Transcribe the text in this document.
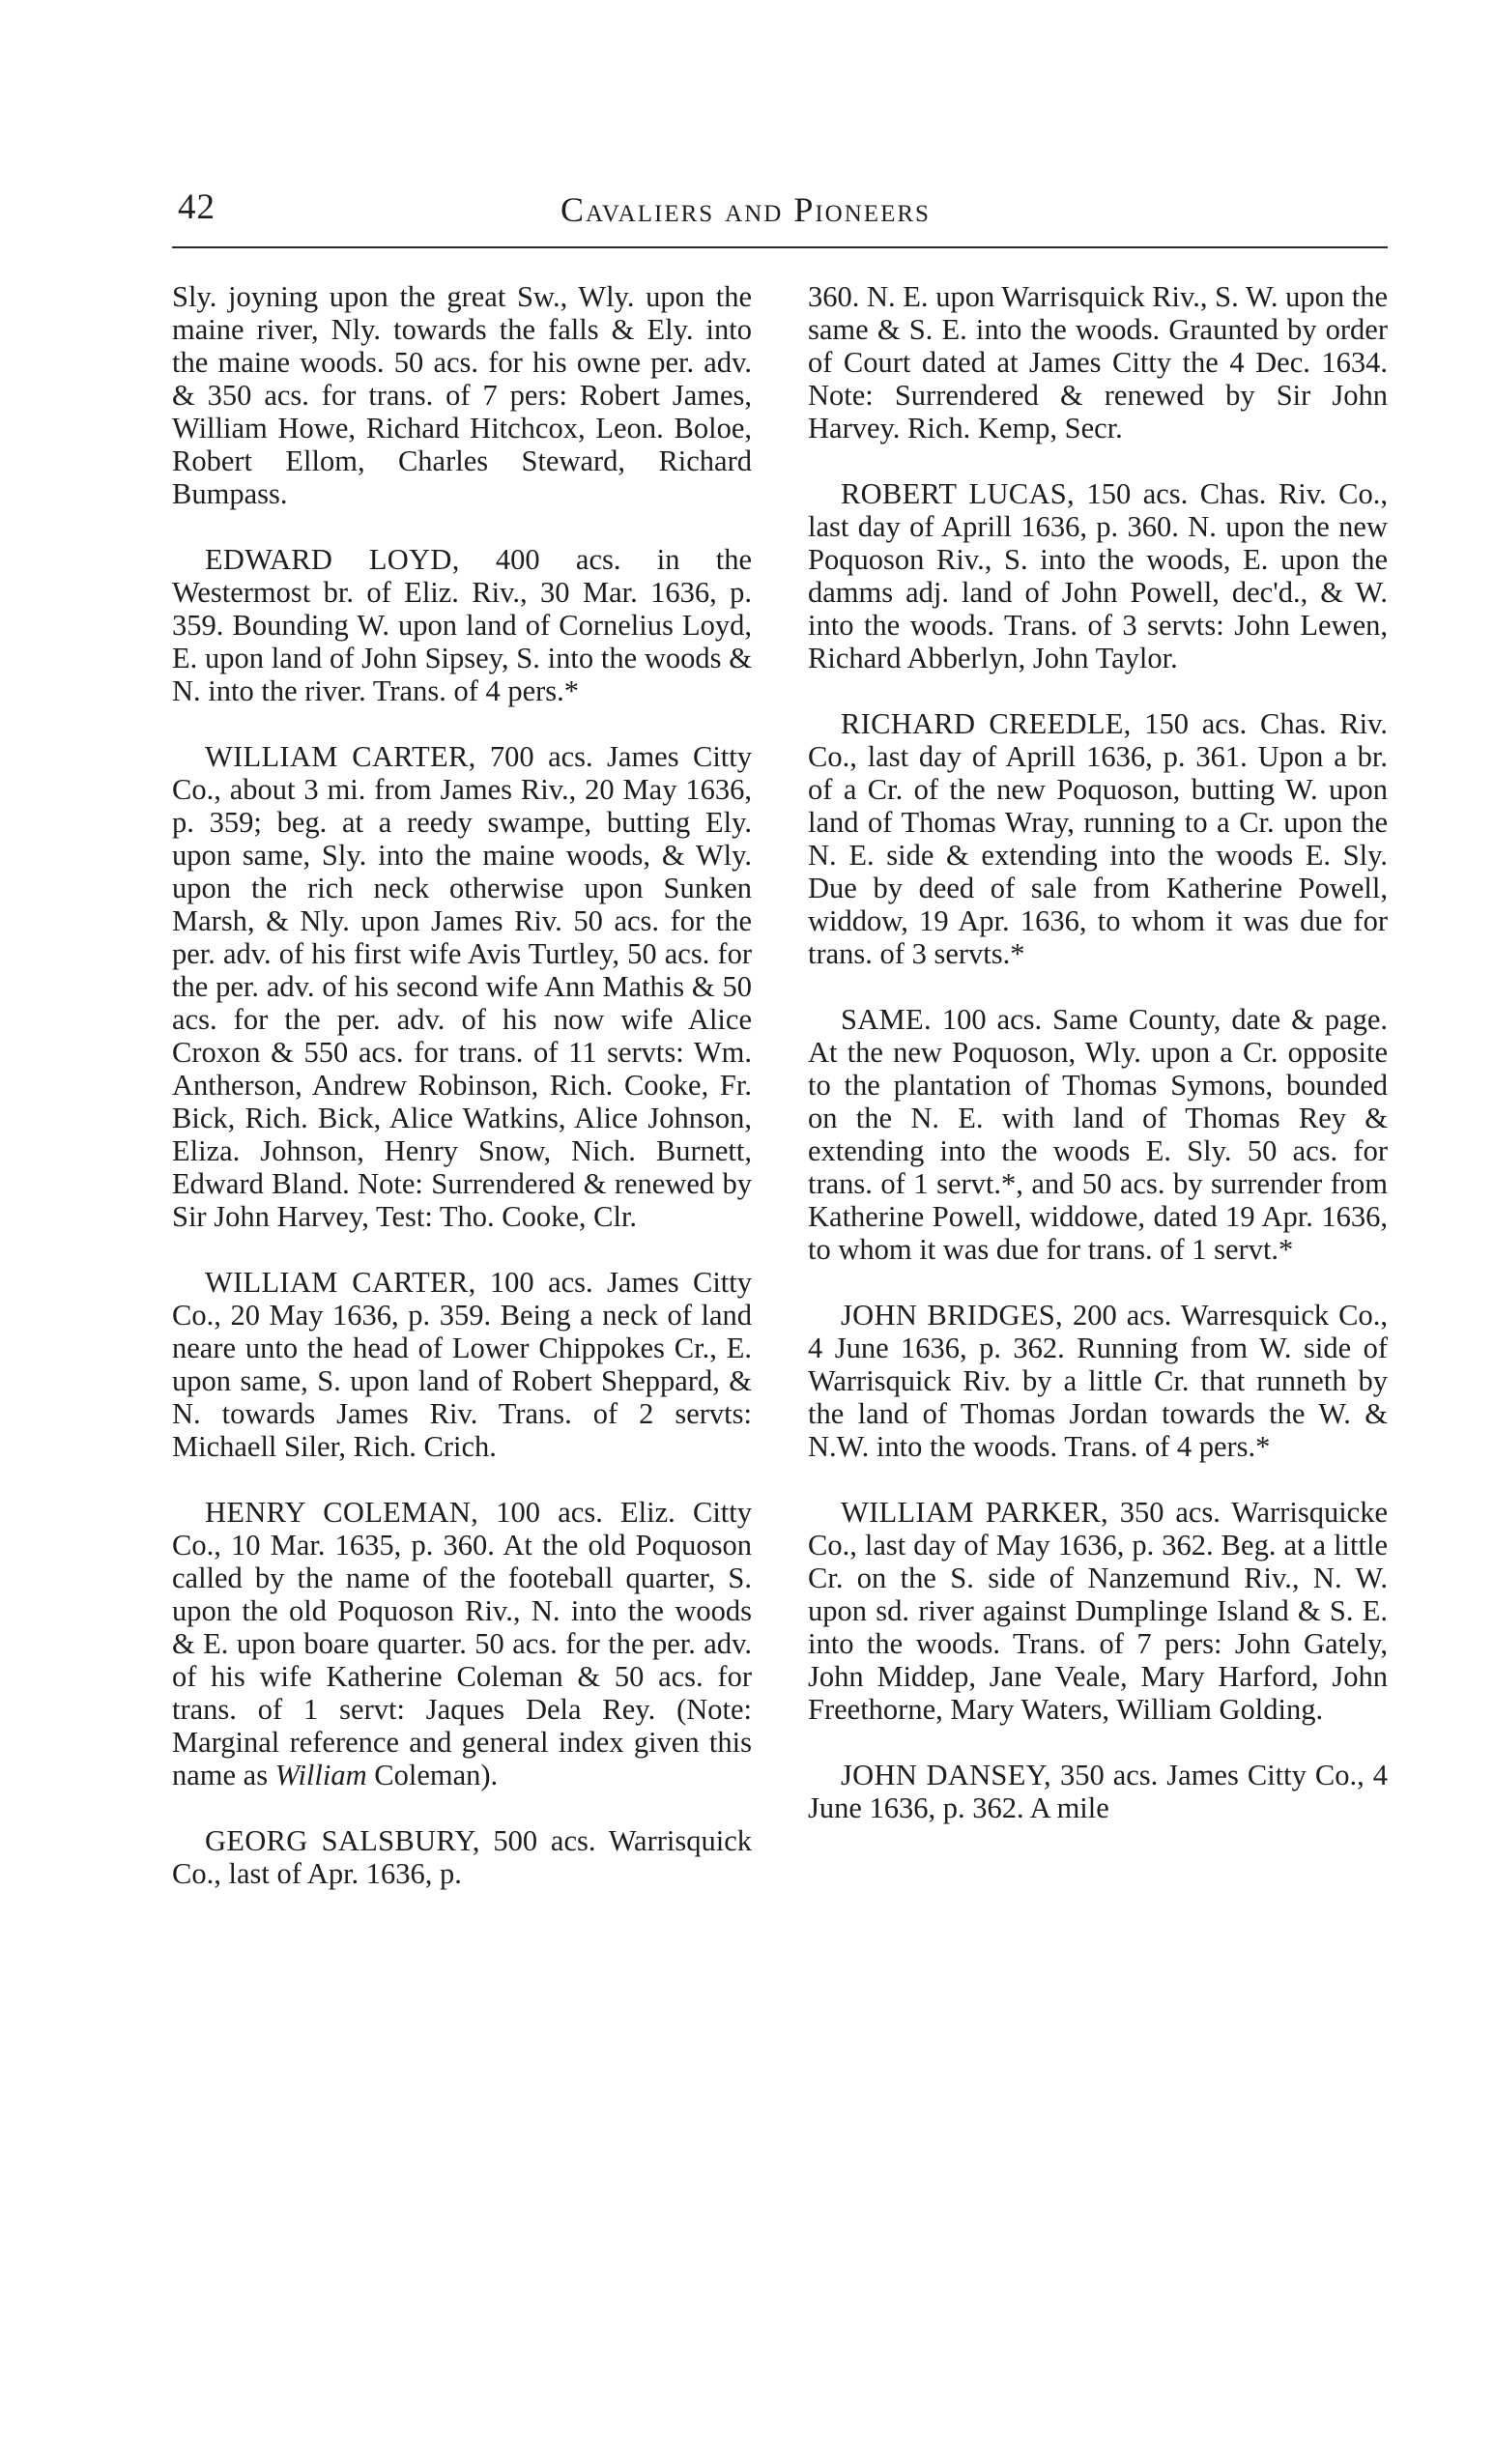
42	Cavaliers and Pioneers

Sly. joyning upon the great Sw., Wly. upon the maine river, Nly. towards the falls & Ely. into the maine woods. 50 acs. for his owne per. adv. & 350 acs. for trans. of 7 pers: Robert James, William Howe, Richard Hitchcox, Leon. Boloe, Robert Ellom, Charles Steward, Richard Bumpass.

EDWARD LOYD, 400 acs. in the Westermost br. of Eliz. Riv., 30 Mar. 1636, p. 359. Bounding W. upon land of Cornelius Loyd, E. upon land of John Sipsey, S. into the woods & N. into the river. Trans. of 4 pers.*

WILLIAM CARTER, 700 acs. James Citty Co., about 3 mi. from James Riv., 20 May 1636, p. 359; beg. at a reedy swampe, butting Ely. upon same, Sly. into the maine woods, & Wly. upon the rich neck otherwise upon Sunken Marsh, & Nly. upon James Riv. 50 acs. for the per. adv. of his first wife Avis Turtley, 50 acs. for the per. adv. of his second wife Ann Mathis & 50 acs. for the per. adv. of his now wife Alice Croxon & 550 acs. for trans. of 11 servts: Wm. Antherson, Andrew Robinson, Rich. Cooke, Fr. Bick, Rich. Bick, Alice Watkins, Alice Johnson, Eliza. Johnson, Henry Snow, Nich. Burnett, Edward Bland. Note: Surrendered & renewed by Sir John Harvey, Test: Tho. Cooke, Clr.

WILLIAM CARTER, 100 acs. James Citty Co., 20 May 1636, p. 359. Being a neck of land neare unto the head of Lower Chippokes Cr., E. upon same, S. upon land of Robert Sheppard, & N. towards James Riv. Trans. of 2 servts: Michaell Siler, Rich. Crich.

HENRY COLEMAN, 100 acs. Eliz. Citty Co., 10 Mar. 1635, p. 360. At the old Poquoson called by the name of the footeball quarter, S. upon the old Poquoson Riv., N. into the woods & E. upon boare quarter. 50 acs. for the per. adv. of his wife Katherine Coleman & 50 acs. for trans. of 1 servt: Jaques Dela Rey. (Note: Marginal reference and general index given this name as William Coleman).

GEORG SALSBURY, 500 acs. Warrisquick Co., last of Apr. 1636, p.

360. N. E. upon Warrisquick Riv., S. W. upon the same & S. E. into the woods. Graunted by order of Court dated at James Citty the 4 Dec. 1634. Note: Surrendered & renewed by Sir John Harvey. Rich. Kemp, Secr.

ROBERT LUCAS, 150 acs. Chas. Riv. Co., last day of Aprill 1636, p. 360. N. upon the new Poquoson Riv., S. into the woods, E. upon the damms adj. land of John Powell, dec'd., & W. into the woods. Trans. of 3 servts: John Lewen, Richard Abberlyn, John Taylor.

RICHARD CREEDLE, 150 acs. Chas. Riv. Co., last day of Aprill 1636, p. 361. Upon a br. of a Cr. of the new Poquoson, butting W. upon land of Thomas Wray, running to a Cr. upon the N. E. side & extending into the woods E. Sly. Due by deed of sale from Katherine Powell, widdow, 19 Apr. 1636, to whom it was due for trans. of 3 servts.*

SAME. 100 acs. Same County, date & page. At the new Poquoson, Wly. upon a Cr. opposite to the plantation of Thomas Symons, bounded on the N. E. with land of Thomas Rey & extending into the woods E. Sly. 50 acs. for trans. of 1 servt.*, and 50 acs. by surrender from Katherine Powell, widdowe, dated 19 Apr. 1636, to whom it was due for trans. of 1 servt.*

JOHN BRIDGES, 200 acs. Warresquick Co., 4 June 1636, p. 362. Running from W. side of Warrisquick Riv. by a little Cr. that runneth by the land of Thomas Jordan towards the W. & N.W. into the woods. Trans. of 4 pers.*

WILLIAM PARKER, 350 acs. Warrisquicke Co., last day of May 1636, p. 362. Beg. at a little Cr. on the S. side of Nanzemund Riv., N. W. upon sd. river against Dumplinge Island & S. E. into the woods. Trans. of 7 pers: John Gately, John Middep, Jane Veale, Mary Harford, John Freethorne, Mary Waters, William Golding.

JOHN DANSEY, 350 acs. James Citty Co., 4 June 1636, p. 362. A mile
